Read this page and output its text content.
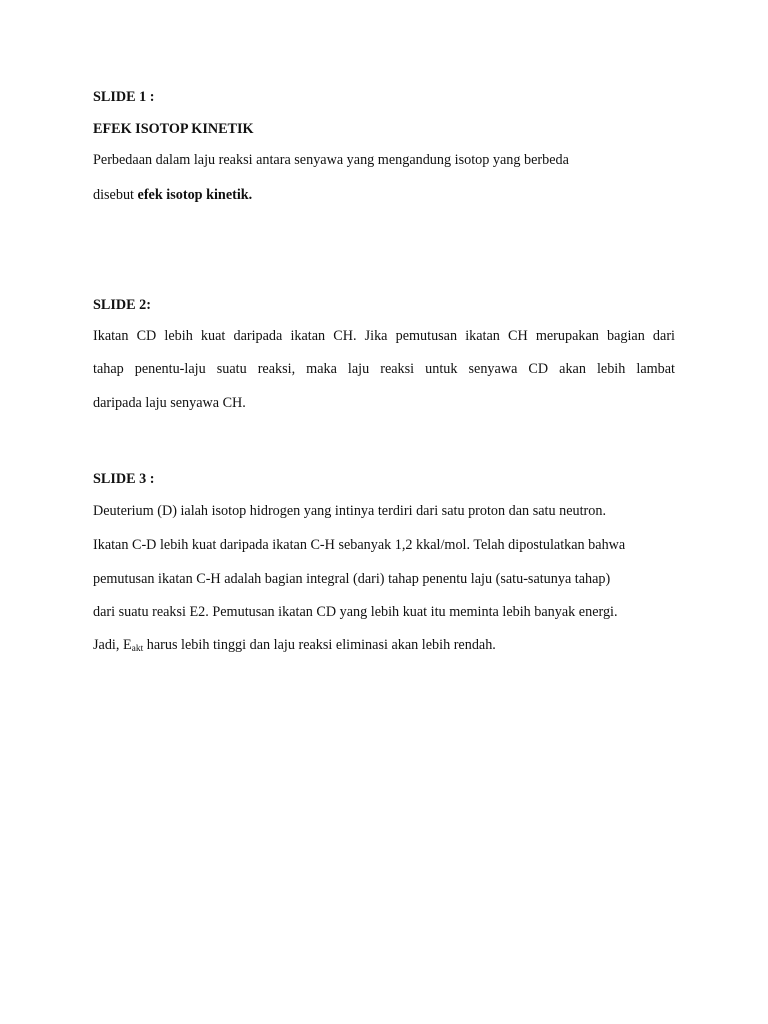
SLIDE 1 :
EFEK ISOTOP KINETIK
Perbedaan dalam laju reaksi antara senyawa yang mengandung isotop yang berbeda
disebut efek isotop kinetik.
SLIDE 2:
Ikatan CD lebih kuat daripada ikatan CH. Jika pemutusan ikatan CH merupakan bagian dari
tahap penentu-laju suatu reaksi, maka laju reaksi untuk senyawa CD akan lebih lambat
daripada laju senyawa CH.
SLIDE 3 :
Deuterium (D) ialah isotop hidrogen yang intinya terdiri dari satu proton dan satu neutron.
Ikatan C-D lebih kuat daripada ikatan C-H sebanyak 1,2 kkal/mol. Telah dipostulatkan bahwa
pemutusan ikatan C-H adalah bagian integral (dari) tahap penentu laju (satu-satunya tahap)
dari suatu reaksi E2. Pemutusan ikatan CD yang lebih kuat itu meminta lebih banyak energi.
Jadi, $E_{akt}$ harus lebih tinggi dan laju reaksi eliminasi akan lebih rendah.
